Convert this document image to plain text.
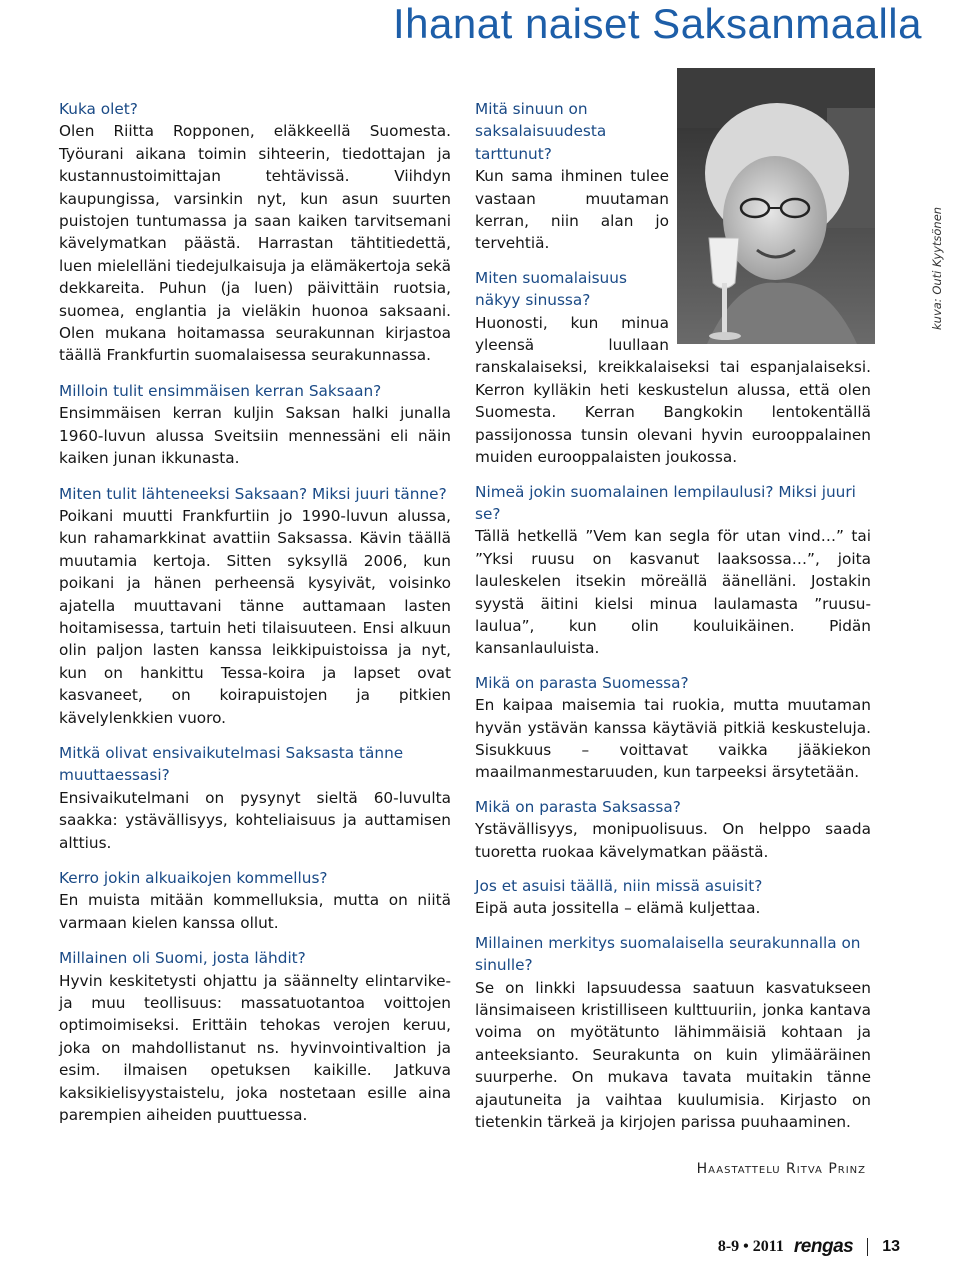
Ihanat naiset Saksanmaalla
kuva: Outi Kyytsönen

Kuka olet?

Olen Riitta Ropponen, eläkkeellä Suomesta. Työurani aikana toimin sihteerin, tiedottajan ja kustannustoimittajan tehtävissä. Viihdyn kaupungissa, varsinkin nyt, kun asun suurten puistojen tuntumassa ja saan kaiken tarvitsemani kävelymatkan päästä. Harrastan tähtitiedettä, luen mielelläni tiedejulkaisuja ja elämäkertoja sekä dekkareita. Puhun (ja luen) päivittäin ruotsia, suomea, englantia ja vieläkin huonoa saksaani. Olen mukana hoitamassa seurakunnan kirjastoa täällä Frankfurtin suomalaisessa seurakunnassa.

Milloin tulit ensimmäisen kerran Saksaan?

Ensimmäisen kerran kuljin Saksan halki junalla 1960-luvun alussa Sveitsiin mennessäni eli näin kaiken junan ikkunasta.

Miten tulit lähteneeksi Saksaan? Miksi juuri tänne?

Poikani muutti Frankfurtiin jo 1990-luvun alussa, kun rahamarkkinat avattiin Saksassa. Kävin täällä muutamia kertoja. Sitten syksyllä 2006, kun poikani ja hänen perheensä kysyivät, voisinko ajatella muuttavani tänne auttamaan lasten hoitamisessa, tartuin heti tilaisuuteen. Ensi alkuun olin paljon lasten kanssa leikkipuistoissa ja nyt, kun on hankittu Tessa-koira ja lapset ovat kasvaneet, on koirapuistojen ja pitkien kävelylenkkien vuoro.

Mitkä olivat ensivaikutelmasi Saksasta tänne muuttaessasi?

Ensivaikutelmani on pysynyt sieltä 60-luvulta saakka: ystävällisyys, kohteliaisuus ja auttamisen alttius.

Kerro jokin alkuaikojen kommellus?

En muista mitään kommelluksia, mutta on niitä varmaan kielen kanssa ollut.

Millainen oli Suomi, josta lähdit?

Hyvin keskitetysti ohjattu ja säännelty elintarvike- ja muu teollisuus: massatuotantoa voittojen optimoimiseksi. Erittäin tehokas verojen keruu, joka on mahdollistanut ns. hyvinvointivaltion ja esim. ilmaisen opetuksen kaikille. Jatkuva kaksikielisyystaistelu, joka nostetaan esille aina parempien aiheiden puuttuessa.

Mitä sinuun on saksalaisuudesta tarttunut?

Kun sama ihminen tulee vastaan muutaman kerran, niin alan jo tervehtiä.

Miten suomalaisuus näkyy sinussa?

Huonosti, kun minua yleensä luullaan ranskalaiseksi, kreikkalaiseksi tai espanjalaiseksi. Kerron kylläkin heti keskustelun alussa, että olen Suomesta. Kerran Bangkokin lentokentällä passijonossa tunsin olevani hyvin eurooppalainen muiden eurooppalaisten joukossa.

Nimeä jokin suomalainen lempilaulusi? Miksi juuri se?

Tällä hetkellä ”Vem kan segla för utan vind…” tai ”Yksi ruusu on kasvanut laaksossa…”, joita lauleskelen itsekin möreällä äänelläni. Jostakin syystä äitini kielsi minua laulamasta ”ruusu-laulua”, kun olin kouluikäinen. Pidän kansanlauluista.

Mikä on parasta Suomessa?

En kaipaa maisemia tai ruokia, mutta muutaman hyvän ystävän kanssa käytäviä pitkiä keskusteluja. Sisukkuus – voittavat vaikka jääkiekon maailmanmestaruuden, kun tarpeeksi ärsytetään.

Mikä on parasta Saksassa?

Ystävällisyys, monipuolisuus. On helppo saada tuoretta ruokaa kävelymatkan päästä.

Jos et asuisi täällä, niin missä asuisit?

Eipä auta jossitella – elämä kuljettaa.

Millainen merkitys suomalaisella seurakunnalla on sinulle?

Se on linkki lapsuudessa saatuun kasvatukseen länsimaiseen kristilliseen kulttuuriin, jonka kantava voima on myötätunto lähimmäisiä kohtaan ja anteeksianto. Seurakunta on kuin ylimääräinen suurperhe. On mukava tavata muitakin tänne ajautuneita ja vaihtaa kuulumisia. Kirjasto on tietenkin tärkeä ja kirjojen parissa puuhaaminen.

Haastattelu Ritva Prinz
8-9 • 2011 rengas 13
